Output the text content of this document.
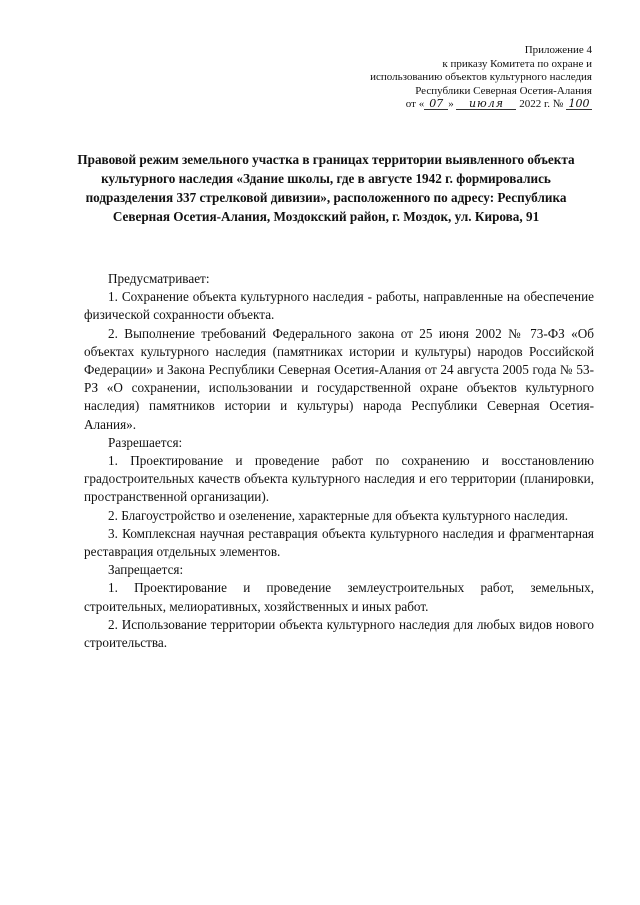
Приложение 4
к приказу Комитета по охране и
использованию объектов культурного наследия
Республики Северная Осетия-Алания
от « 07 » июля 2022 г. № 100
Правовой режим земельного участка в границах территории выявленного объекта культурного наследия «Здание школы, где в августе 1942 г. формировались подразделения 337 стрелковой дивизии», расположенного по адресу: Республика Северная Осетия-Алания, Моздокский район, г. Моздок, ул. Кирова, 91

Предусматривает:

1. Сохранение объекта культурного наследия - работы, направленные на обеспечение физической сохранности объекта.

2. Выполнение требований Федерального закона от 25 июня 2002 № 73-ФЗ «Об объектах культурного наследия (памятниках истории и культуры) народов Российской Федерации» и Закона Республики Северная Осетия-Алания от 24 августа 2005 года № 53-РЗ «О сохранении, использовании и государственной охране объектов культурного наследия) памятников истории и культуры) народа Республики Северная Осетия-Алания».

Разрешается:

1. Проектирование и проведение работ по сохранению и восстановлению градостроительных качеств объекта культурного наследия и его территории (планировки, пространственной организации).

2. Благоустройство и озеленение, характерные для объекта культурного наследия.

3. Комплексная научная реставрация объекта культурного наследия и фрагментарная реставрация отдельных элементов.

Запрещается:

1. Проектирование и проведение землеустроительных работ, земельных, строительных, мелиоративных, хозяйственных и иных работ.

2. Использование территории объекта культурного наследия для любых видов нового строительства.
